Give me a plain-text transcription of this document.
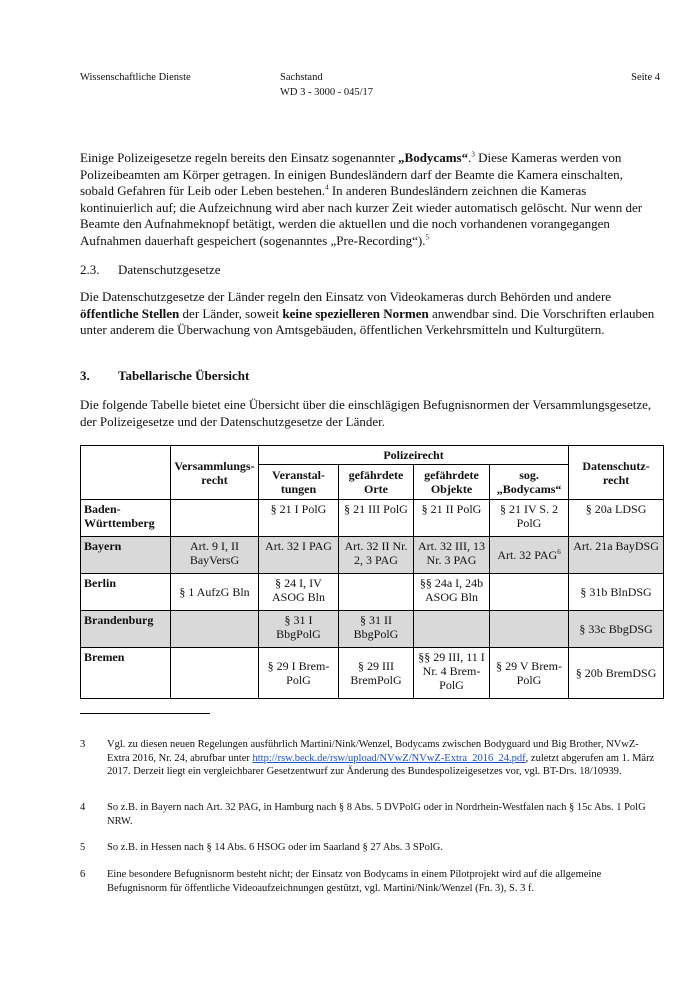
Wissenschaftliche Dienste	Sachstand
WD 3 - 3000 - 045/17
Seite 4
Einige Polizeigesetze regeln bereits den Einsatz sogenannter „Bodycams“.$^3$ Diese Kameras werden von Polizeibeamten am Körper getragen. In einigen Bundesländern darf der Beamte die Kamera einschalten, sobald Gefahren für Leib oder Leben bestehen.$^4$ In anderen Bundesländern zeichnen die Kameras kontinuierlich auf; die Aufzeichnung wird aber nach kurzer Zeit wieder automatisch gelöscht. Nur wenn der Beamte den Aufnahmeknopf betätigt, werden die aktuellen und die noch vorhandenen vorangegangen Aufnahmen dauerhaft gespeichert (sogenanntes „Pre-Recording“).$^5$
2.3. Datenschutzgesetze
Die Datenschutzgesetze der Länder regeln den Einsatz von Videokameras durch Behörden und andere öffentliche Stellen der Länder, soweit keine spezielleren Normen anwendbar sind. Die Vorschriften erlauben unter anderem die Überwachung von Amtsgebäuden, öffentlichen Verkehrsmitteln und Kulturgütern.
3. Tabellarische Übersicht
Die folgende Tabelle bietet eine Übersicht über die einschlägigen Befugnisnormen der Versammlungsgesetze, der Polizeigesetze und der Datenschutzgesetze der Länder.
	Versammlungs-recht	Polizeirecht				Datenschutz-recht
		Veranstal-tungen	gefährdete Orte	gefährdete Objekte	sog.
„Bodycams“	
Baden-Württemberg		§ 21 I PolG	§ 21 III PolG	§ 21 II PolG	§ 21 IV S. 2 PolG	§ 20a LDSG
Bayern	Art. 9 I, II BayVersG	Art. 32 I PAG	Art. 32 II Nr. 2, 3 PAG	Art. 32 III, 13 Nr. 3 PAG	Art. 32 PAG$^6$	Art. 21a BayDSG
Berlin	§ 1 AufzG Bln	§ 24 I, IV ASOG Bln		§§ 24a I, 24b ASOG Bln		§ 31b BlnDSG
Brandenburg		§ 31 I BbgPolG	§ 31 II BbgPolG			§ 33c BbgDSG
Bremen		§ 29 I Brem-PolG	§ 29 III BremPolG	§§ 29 III, 11 I Nr. 4 Brem-PolG	§ 29 V Brem-PolG	§ 20b BremDSG
3	Vgl. zu diesen neuen Regelungen ausführlich Martini/Nink/Wenzel, Bodycams zwischen Bodyguard und Big Brother, NVwZ-Extra 2016, Nr. 24, abrufbar unter http://rsw.beck.de/rsw/upload/NVwZ/NVwZ-Extra_2016_24.pdf, zuletzt abgerufen am 1. März 2017. Derzeit liegt ein vergleichbarer Gesetzentwurf zur Änderung des Bundespolizeigesetzes vor, vgl. BT-Drs. 18/10939.
4	So z.B. in Bayern nach Art. 32 PAG, in Hamburg nach § 8 Abs. 5 DVPolG oder in Nordrhein-Westfalen nach § 15c Abs. 1 PolG NRW.
5	So z.B. in Hessen nach § 14 Abs. 6 HSOG oder im Saarland § 27 Abs. 3 SPolG.
6	Eine besondere Befugnisnorm besteht nicht; der Einsatz von Bodycams in einem Pilotprojekt wird auf die allgemeine Befugnisnorm für öffentliche Videoaufzeichnungen gestützt, vgl. Martini/Nink/Wenzel (Fn. 3), S. 3 f.
